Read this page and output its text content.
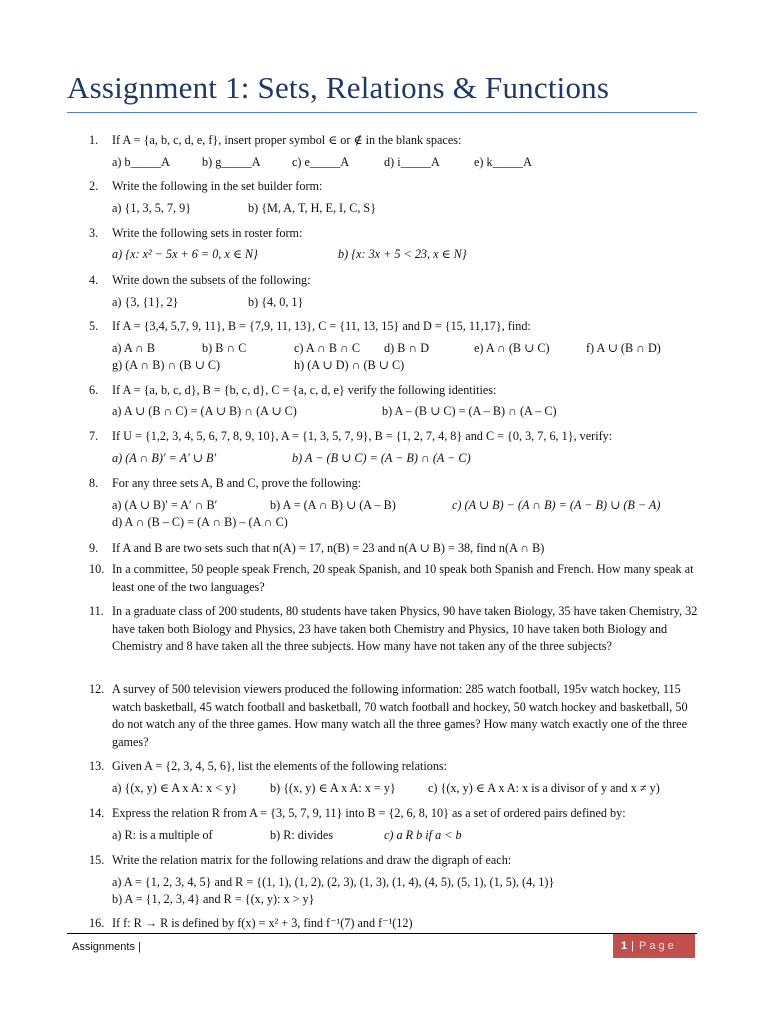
Assignment 1: Sets, Relations & Functions
1.	If A = {a, b, c, d, e, f}, insert proper symbol ∈ or ∉ in the blank spaces:
a) b_____A	b) g_____A	c) e_____A	d) i_____A	e) k_____A
2.	Write the following in the set builder form:
a) {1, 3, 5, 7, 9}	b) {M, A, T, H, E, I, C, S}
3.	Write the following sets in roster form:
a) {x: x² − 5x + 6 = 0, x ∈ N}	b) {x: 3x + 5 < 23, x ∈ N}
4.	Write down the subsets of the following:
a) {3, {1}, 2}	b) {4, 0, 1}
5.	If A = {3,4, 5,7, 9, 11}, B = {7,9, 11, 13}, C = {11, 13, 15} and D = {15, 11,17}, find:
a) A ∩ B	b) B ∩ C	c) A ∩ B ∩ C d) B ∩ D	e) A ∩ (B ∪ C)	f) A ∪ (B ∩ D)
g) (A ∩ B) ∩ (B ∪ C)	h) (A ∪ D) ∩ (B ∪ C)
6.	If A = {a, b, c, d}, B = {b, c, d}, C = {a, c, d, e} verify the following identities:
a) A ∪ (B ∩ C) = (A ∪ B) ∩ (A ∪ C)	b) A – (B ∪ C) = (A – B) ∩ (A – C)
7.	If U = {1,2, 3, 4, 5, 6, 7, 8, 9, 10}, A = {1, 3, 5, 7, 9}, B = {1, 2, 7, 4, 8} and C = {0, 3, 7, 6, 1}, verify:
a) (A ∩ B)′ = A′ ∪ B′	b) A − (B ∪ C) = (A − B) ∩ (A − C)
8.	For any three sets A, B and C, prove the following:
a) (A ∪ B)′ = A′ ∩ B′	b) A = (A ∩ B) ∪ (A – B)	c) (A ∪ B) − (A ∩ B) = (A − B) ∪ (B − A)
d) A ∩ (B – C) = (A ∩ B) – (A ∩ C)
9.	If A and B are two sets such that n(A) = 17, n(B) = 23 and n(A ∪ B) = 38, find n(A ∩ B)
10. In a committee, 50 people speak French, 20 speak Spanish, and 10 speak both Spanish and French. How many speak at least one of the two languages?
11. In a graduate class of 200 students, 80 students have taken Physics, 90 have taken Biology, 35 have taken Chemistry, 32 have taken both Biology and Physics, 23 have taken both Chemistry and Physics, 10 have taken both Biology and Chemistry and 8 have taken all the three subjects. How many have not taken any of the three subjects?
12. A survey of 500 television viewers produced the following information: 285 watch football, 195v watch hockey, 115 watch basketball, 45 watch football and basketball, 70 watch football and hockey, 50 watch hockey and basketball, 50 do not watch any of the three games. How many watch all the three games? How many watch exactly one of the three games?
13. Given A = {2, 3, 4, 5, 6}, list the elements of the following relations:
a) {(x, y) ∈ A x A: x < y}	b) {(x, y) ∈ A x A: x = y}	c) {(x, y) ∈ A x A: x is a divisor of y and x ≠ y)
14. Express the relation R from A = {3, 5, 7, 9, 11} into B = {2, 6, 8, 10} as a set of ordered pairs defined by:
a) R: is a multiple of	b) R: divides	c) a R b if a < b
15. Write the relation matrix for the following relations and draw the digraph of each:
a) A = {1, 2, 3, 4, 5} and R = {(1, 1), (1, 2), (2, 3), (1, 3), (1, 4), (4, 5), (5, 1), (1, 5), (4, 1)}
b) A = {1, 2, 3, 4} and R = {(x, y): x > y}
16. If f: R → R is defined by f(x) = x² + 3, find f⁻¹(7) and f⁻¹(12)
Assignments |	1 | Page
